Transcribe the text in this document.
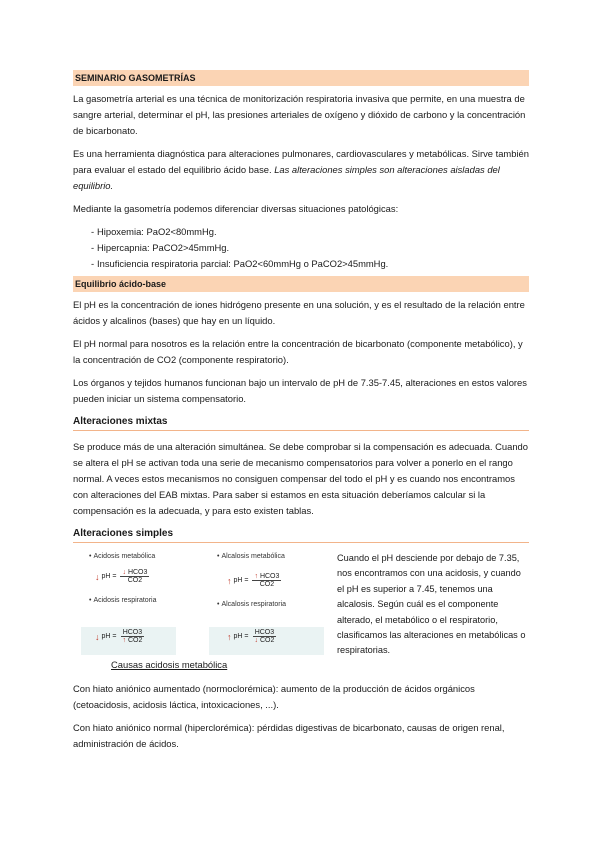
SEMINARIO GASOMETRÍAS

La gasometría arterial es una técnica de monitorización respiratoria invasiva que permite, en una muestra de sangre arterial, determinar el pH, las presiones arteriales de oxígeno y dióxido de carbono y la concentración de bicarbonato.

Es una herramienta diagnóstica para alteraciones pulmonares, cardiovasculares y metabólicas. Sirve también para evaluar el estado del equilibrio ácido base. Las alteraciones simples son alteraciones aisladas del equilibrio.

Mediante la gasometría podemos diferenciar diversas situaciones patológicas:

- Hipoxemia: PaO2<80mmHg.
- Hipercapnia: PaCO2>45mmHg.
- Insuficiencia respiratoria parcial: PaO2<60mmHg o PaCO2>45mmHg.
Equilibrio ácido-base

El pH es la concentración de iones hidrógeno presente en una solución, y es el resultado de la relación entre ácidos y alcalinos (bases) que hay en un líquido.

El pH normal para nosotros es la relación entre la concentración de bicarbonato (componente metabólico), y la concentración de CO2 (componente respiratorio).

Los órganos y tejidos humanos funcionan bajo un intervalo de pH de 7.35-7.45, alteraciones en estos valores pueden iniciar un sistema compensatorio.

Alteraciones mixtas

Se produce más de una alteración simultánea. Se debe comprobar si la compensación es adecuada. Cuando se altera el pH se activan toda una serie de mecanismo compensatorios para volver a ponerlo en el rango normal. A veces estos mecanismos no consiguen compensar del todo el pH y es cuando nos encontramos con alteraciones del EAB mixtas. Para saber si estamos en esta situación deberíamos calcular si la compensación es la adecuada, y para esto existen tablas.

Alteraciones simples
• Acidosis metabólica	• Alcalosis metabólica
↓ pH = $\frac{\text{↓ HCO3}}{CO2}$	↑ pH = $\frac{\text{↑ HCO3}}{CO2}$
• Acidosis respiratoria
• Alcalosis respiratoria
↓ pH = $\frac{\text{HCO3}}{↑ CO2}$	↑ pH = $\frac{\text{HCO3}}{↓ CO2}$
Causas acidosis metabólica
Cuando el pH desciende por debajo de 7.35, nos encontramos con una acidosis, y cuando el pH es superior a 7.45, tenemos una alcalosis. Según cuál es el componente alterado, el metabólico o el respiratorio, clasificamos las alteraciones en metabólicas o respiratorias.

Con hiato aniónico aumentado (normoclorémica): aumento de la producción de ácidos orgánicos (cetoacidosis, acidosis láctica, intoxicaciones, ...).

Con hiato aniónico normal (hiperclorémica): pérdidas digestivas de bicarbonato, causas de origen renal, administración de ácidos.
